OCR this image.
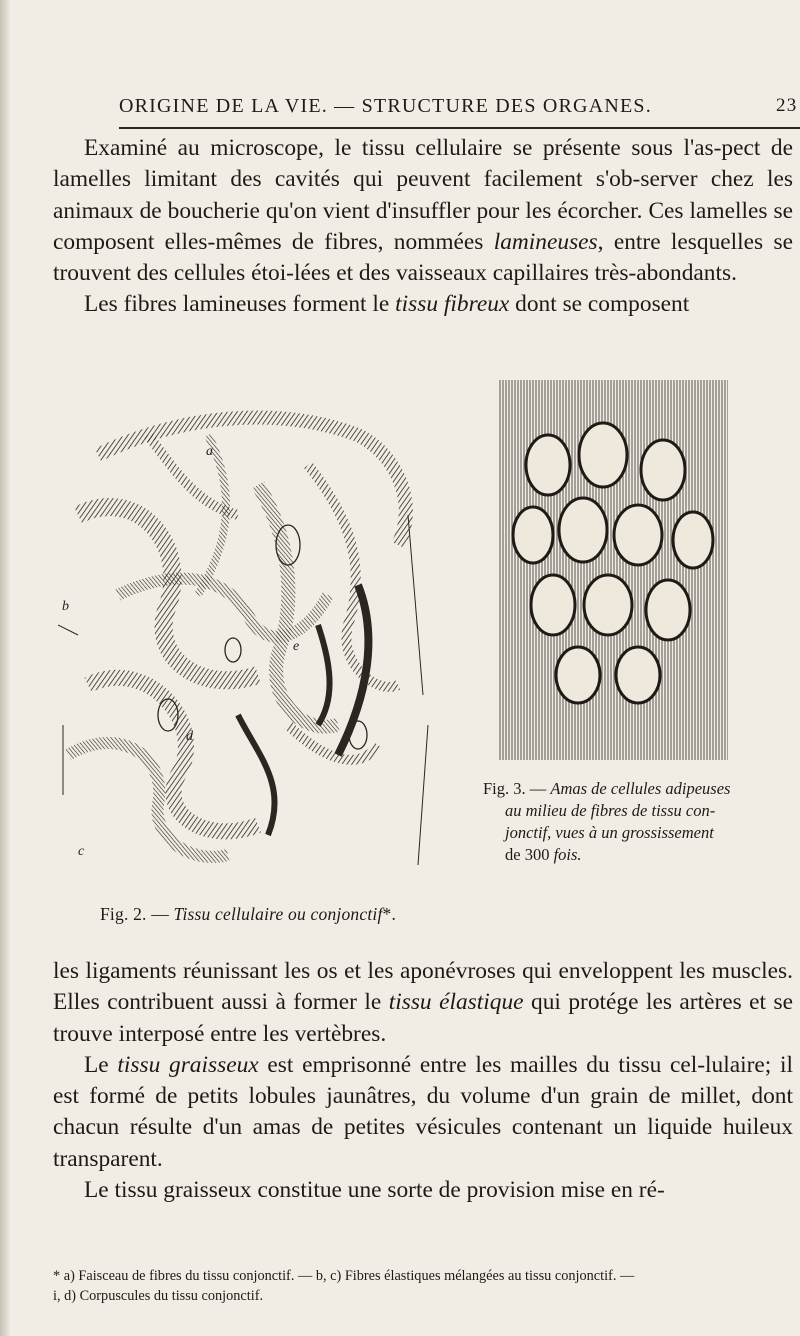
ORIGINE DE LA VIE. — STRUCTURE DES ORGANES.	23

Examiné au microscope, le tissu cellulaire se présente sous l'as-pect de lamelles limitant des cavités qui peuvent facilement s'ob-server chez les animaux de boucherie qu'on vient d'insuffler pour les écorcher. Ces lamelles se composent elles-mêmes de fibres, nommées lamineuses, entre lesquelles se trouvent des cellules étoi-lées et des vaisseaux capillaires très-abondants.

Les fibres lamineuses forment le tissu fibreux dont se composent

a
b
c
d
e
Fig. 2. — Tissu cellulaire ou conjonctif*.
Fig. 3. — Amas de cellules adipeuses
au milieu de fibres de tissu con-
jonctif, vues à un grossissement
de 300 fois.

les ligaments réunissant les os et les aponévroses qui enveloppent les muscles. Elles contribuent aussi à former le tissu élastique qui protége les artères et se trouve interposé entre les vertèbres.

Le tissu graisseux est emprisonné entre les mailles du tissu cel-lulaire; il est formé de petits lobules jaunâtres, du volume d'un grain de millet, dont chacun résulte d'un amas de petites vésicules contenant un liquide huileux transparent.

Le tissu graisseux constitue une sorte de provision mise en ré-

* a) Faisceau de fibres du tissu conjonctif. — b, c) Fibres élastiques mélangées au tissu conjonctif. —
i, d) Corpuscules du tissu conjonctif.
